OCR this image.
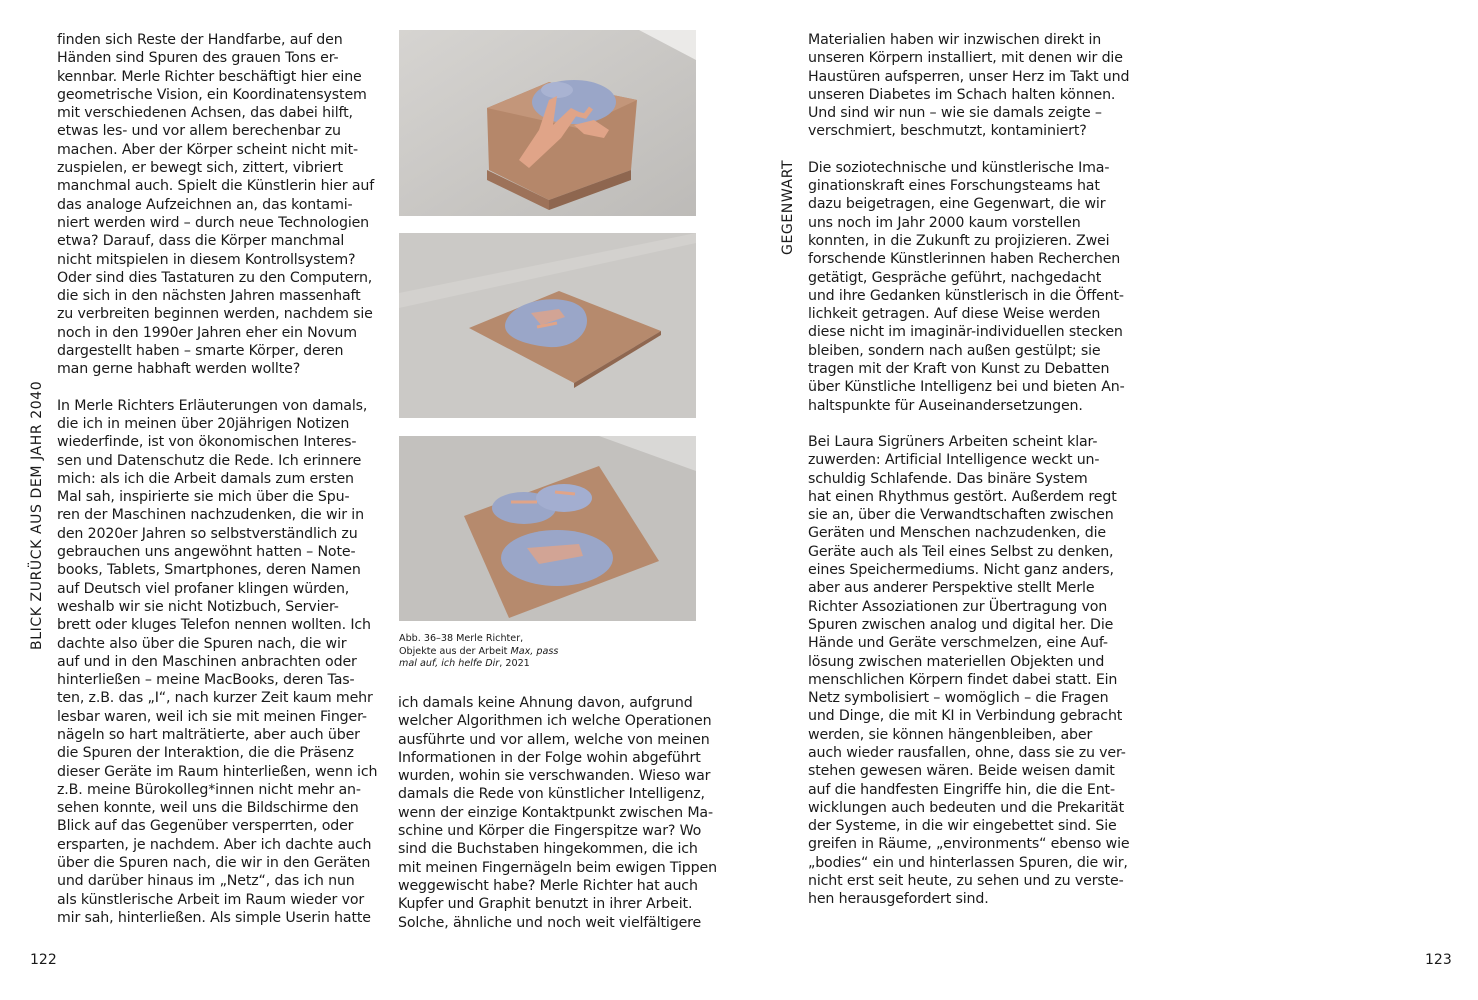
BLICK ZURÜCK AUS DEM JAHR 2040
finden sich Reste der Handfarbe, auf den
Händen sind Spuren des grauen Tons er-
kennbar. Merle Richter beschäftigt hier eine
geometrische Vision, ein Koordinatensystem
mit verschiedenen Achsen, das dabei hilft,
etwas les- und vor allem berechenbar zu
machen. Aber der Körper scheint nicht mit-
zuspielen, er bewegt sich, zittert, vibriert
manchmal auch. Spielt die Künstlerin hier auf
das analoge Aufzeichnen an, das kontami-
niert werden wird – durch neue Technologien
etwa? Darauf, dass die Körper manchmal
nicht mitspielen in diesem Kontrollsystem?
Oder sind dies Tastaturen zu den Computern,
die sich in den nächsten Jahren massenhaft
zu verbreiten beginnen werden, nachdem sie
noch in den 1990er Jahren eher ein Novum
dargestellt haben – smarte Körper, deren
man gerne habhaft werden wollte?
In Merle Richters Erläuterungen von damals,
die ich in meinen über 20jährigen Notizen
wiederfinde, ist von ökonomischen Interes-
sen und Datenschutz die Rede. Ich erinnere
mich: als ich die Arbeit damals zum ersten
Mal sah, inspirierte sie mich über die Spu-
ren der Maschinen nachzudenken, die wir in
den 2020er Jahren so selbstverständlich zu
gebrauchen uns angewöhnt hatten – Note-
books, Tablets, Smartphones, deren Namen
auf Deutsch viel profaner klingen würden,
weshalb wir sie nicht Notizbuch, Servier-
brett oder kluges Telefon nennen wollten. Ich
dachte also über die Spuren nach, die wir
auf und in den Maschinen anbrachten oder
hinterließen – meine MacBooks, deren Tas-
ten, z.B. das „I“, nach kurzer Zeit kaum mehr
lesbar waren, weil ich sie mit meinen Finger-
nägeln so hart malträtierte, aber auch über
die Spuren der Interaktion, die die Präsenz
dieser Geräte im Raum hinterließen, wenn ich
z.B. meine Bürokolleg*innen nicht mehr an-
sehen konnte, weil uns die Bildschirme den
Blick auf das Gegenüber versperrten, oder
ersparten, je nachdem. Aber ich dachte auch
über die Spuren nach, die wir in den Geräten
und darüber hinaus im „Netz“, das ich nun
als künstlerische Arbeit im Raum wieder vor
mir sah, hinterließen. Als simple Userin hatte
Abb. 36–38 Merle Richter,
Objekte aus der Arbeit Max, pass
mal auf, ich helfe Dir, 2021
ich damals keine Ahnung davon, aufgrund
welcher Algorithmen ich welche Operationen
ausführte und vor allem, welche von meinen
Informationen in der Folge wohin abgeführt
wurden, wohin sie verschwanden. Wieso war
damals die Rede von künstlicher Intelligenz,
wenn der einzige Kontaktpunkt zwischen Ma-
schine und Körper die Fingerspitze war? Wo
sind die Buchstaben hingekommen, die ich
mit meinen Fingernägeln beim ewigen Tippen
weggewischt habe? Merle Richter hat auch
Kupfer und Graphit benutzt in ihrer Arbeit.
Solche, ähnliche und noch weit vielfältigere
122
GEGENWART
Materialien haben wir inzwischen direkt in
unseren Körpern installiert, mit denen wir die
Haustüren aufsperren, unser Herz im Takt und
unseren Diabetes im Schach halten können.
Und sind wir nun – wie sie damals zeigte –
verschmiert, beschmutzt, kontaminiert?
Die soziotechnische und künstlerische Ima-
ginationskraft eines Forschungsteams hat
dazu beigetragen, eine Gegenwart, die wir
uns noch im Jahr 2000 kaum vorstellen
konnten, in die Zukunft zu projizieren. Zwei
forschende Künstlerinnen haben Recherchen
getätigt, Gespräche geführt, nachgedacht
und ihre Gedanken künstlerisch in die Öffent-
lichkeit getragen. Auf diese Weise werden
diese nicht im imaginär-individuellen stecken
bleiben, sondern nach außen gestülpt; sie
tragen mit der Kraft von Kunst zu Debatten
über Künstliche Intelligenz bei und bieten An-
haltspunkte für Auseinandersetzungen.
Bei Laura Sigrüners Arbeiten scheint klar-
zuwerden: Artificial Intelligence weckt un-
schuldig Schlafende. Das binäre System
hat einen Rhythmus gestört. Außerdem regt
sie an, über die Verwandtschaften zwischen
Geräten und Menschen nachzudenken, die
Geräte auch als Teil eines Selbst zu denken,
eines Speichermediums. Nicht ganz anders,
aber aus anderer Perspektive stellt Merle
Richter Assoziationen zur Übertragung von
Spuren zwischen analog und digital her. Die
Hände und Geräte verschmelzen, eine Auf-
lösung zwischen materiellen Objekten und
menschlichen Körpern findet dabei statt. Ein
Netz symbolisiert – womöglich – die Fragen
und Dinge, die mit KI in Verbindung gebracht
werden, sie können hängenbleiben, aber
auch wieder rausfallen, ohne, dass sie zu ver-
stehen gewesen wären. Beide weisen damit
auf die handfesten Eingriffe hin, die die Ent-
wicklungen auch bedeuten und die Prekarität
der Systeme, in die wir eingebettet sind. Sie
greifen in Räume, „environments“ ebenso wie
„bodies“ ein und hinterlassen Spuren, die wir,
nicht erst seit heute, zu sehen und zu verste-
hen herausgefordert sind.
123
